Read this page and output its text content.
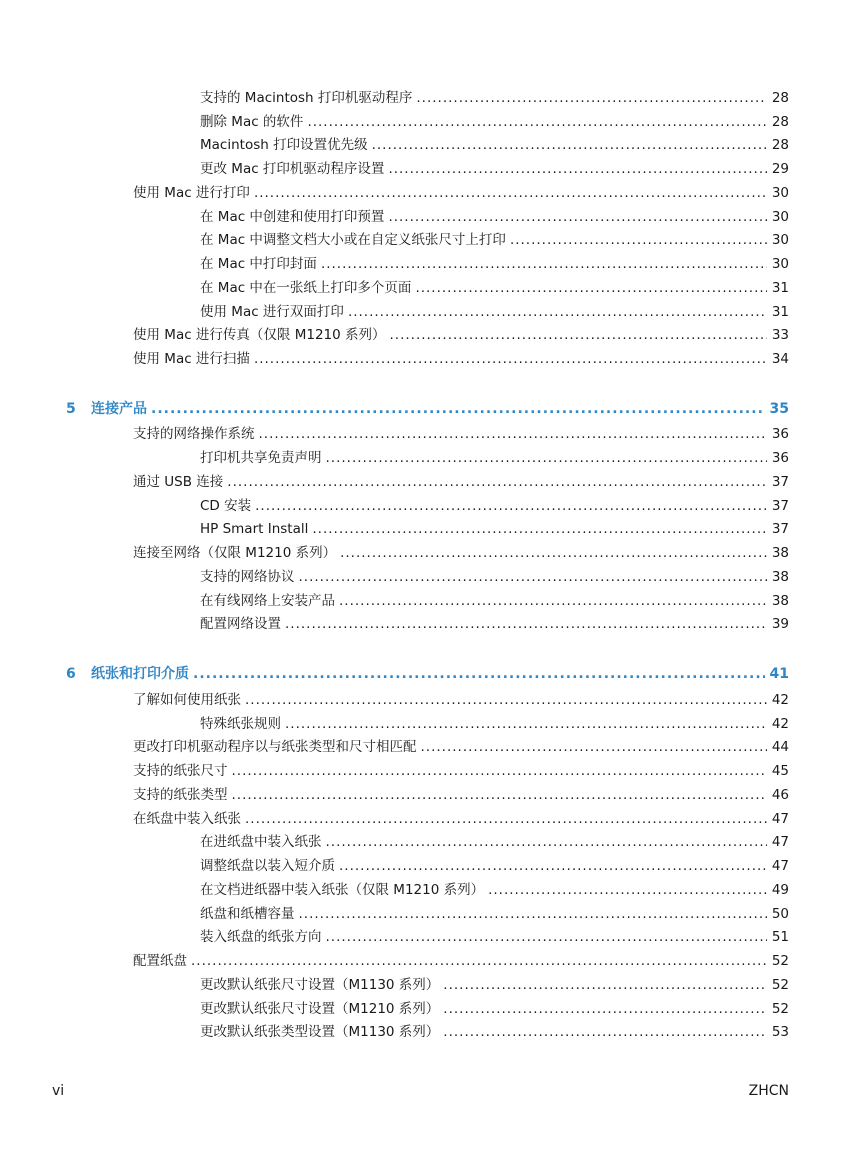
支持的 Macintosh 打印机驱动程序 .....	28
删除 Mac 的软件 .....	28
Macintosh 打印设置优先级 .....	28
更改 Mac 打印机驱动程序设置 .....	29
使用 Mac 进行打印 .....	30
在 Mac 中创建和使用打印预置 .....	30
在 Mac 中调整文档大小或在自定义纸张尺寸上打印 .....	30
在 Mac 中打印封面 .....	30
在 Mac 中在一张纸上打印多个页面 .....	31
使用 Mac 进行双面打印 .....	31
使用 Mac 进行传真（仅限 M1210 系列） .....	33
使用 Mac 进行扫描 .....	34
5	连接产品 .....	35
支持的网络操作系统 .....	36
打印机共享免责声明 .....	36
通过 USB 连接 .....	37
CD 安装 .....	37
HP Smart Install .....	37
连接至网络（仅限 M1210 系列） .....	38
支持的网络协议 .....	38
在有线网络上安装产品 .....	38
配置网络设置 .....	39
6	纸张和打印介质 .....	41
了解如何使用纸张 .....	42
特殊纸张规则 .....	42
更改打印机驱动程序以与纸张类型和尺寸相匹配 .....	44
支持的纸张尺寸 .....	45
支持的纸张类型 .....	46
在纸盘中装入纸张 .....	47
在进纸盘中装入纸张 .....	47
调整纸盘以装入短介质 .....	47
在文档进纸器中装入纸张（仅限 M1210 系列） .....	49
纸盘和纸槽容量 .....	50
装入纸盘的纸张方向 .....	51
配置纸盘 .....	52
更改默认纸张尺寸设置（M1130 系列） .....	52
更改默认纸张尺寸设置（M1210 系列） .....	52
更改默认纸张类型设置（M1130 系列） .....	53
vi	ZHCN
